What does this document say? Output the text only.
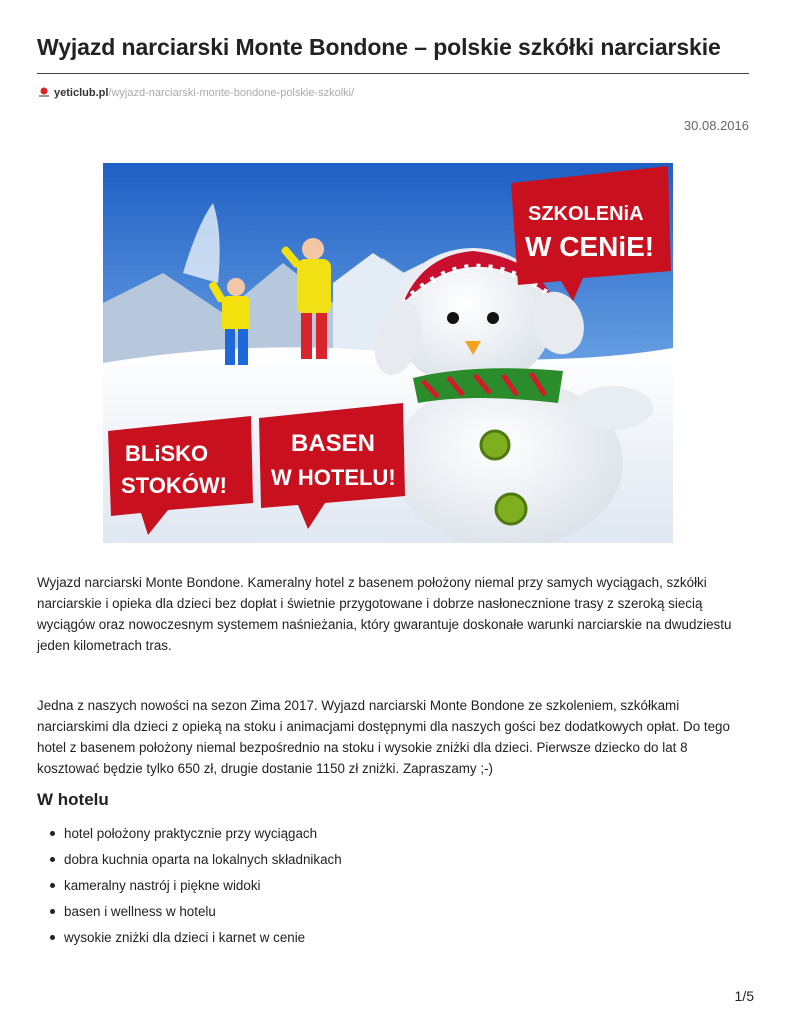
Wyjazd narciarski Monte Bondone – polskie szkółki narciarskie
yeticlub.pl/wyjazd-narciarski-monte-bondone-polskie-szkolki/
30.08.2016
SZKOLENiA
W CENiE!
BLiSKO
STOKÓW!
BASEN
W HOTELU!

Wyjazd narciarski Monte Bondone. Kameralny hotel z basenem położony niemal przy samych wyciągach, szkółki narciarskie i opieka dla dzieci bez dopłat i świetnie przygotowane i dobrze nasłonecznione trasy z szeroką siecią wyciągów oraz nowoczesnym systemem naśnieżania, który gwarantuje doskonałe warunki narciarskie na dwudziestu jeden kilometrach tras.

Jedna z naszych nowości na sezon Zima 2017. Wyjazd narciarski Monte Bondone ze szkoleniem, szkółkami narciarskimi dla dzieci z opieką na stoku i animacjami dostępnymi dla naszych gości bez dodatkowych opłat. Do tego hotel z basenem położony niemal bezpośrednio na stoku i wysokie zniżki dla dzieci. Pierwsze dziecko do lat 8 kosztować będzie tylko 650 zł, drugie dostanie 1150 zł zniżki. Zapraszamy ;-)

W hotelu
hotel położony praktycznie przy wyciągach
dobra kuchnia oparta na lokalnych składnikach
kameralny nastrój i piękne widoki
basen i wellness w hotelu
wysokie zniżki dla dzieci i karnet w cenie
1/5
